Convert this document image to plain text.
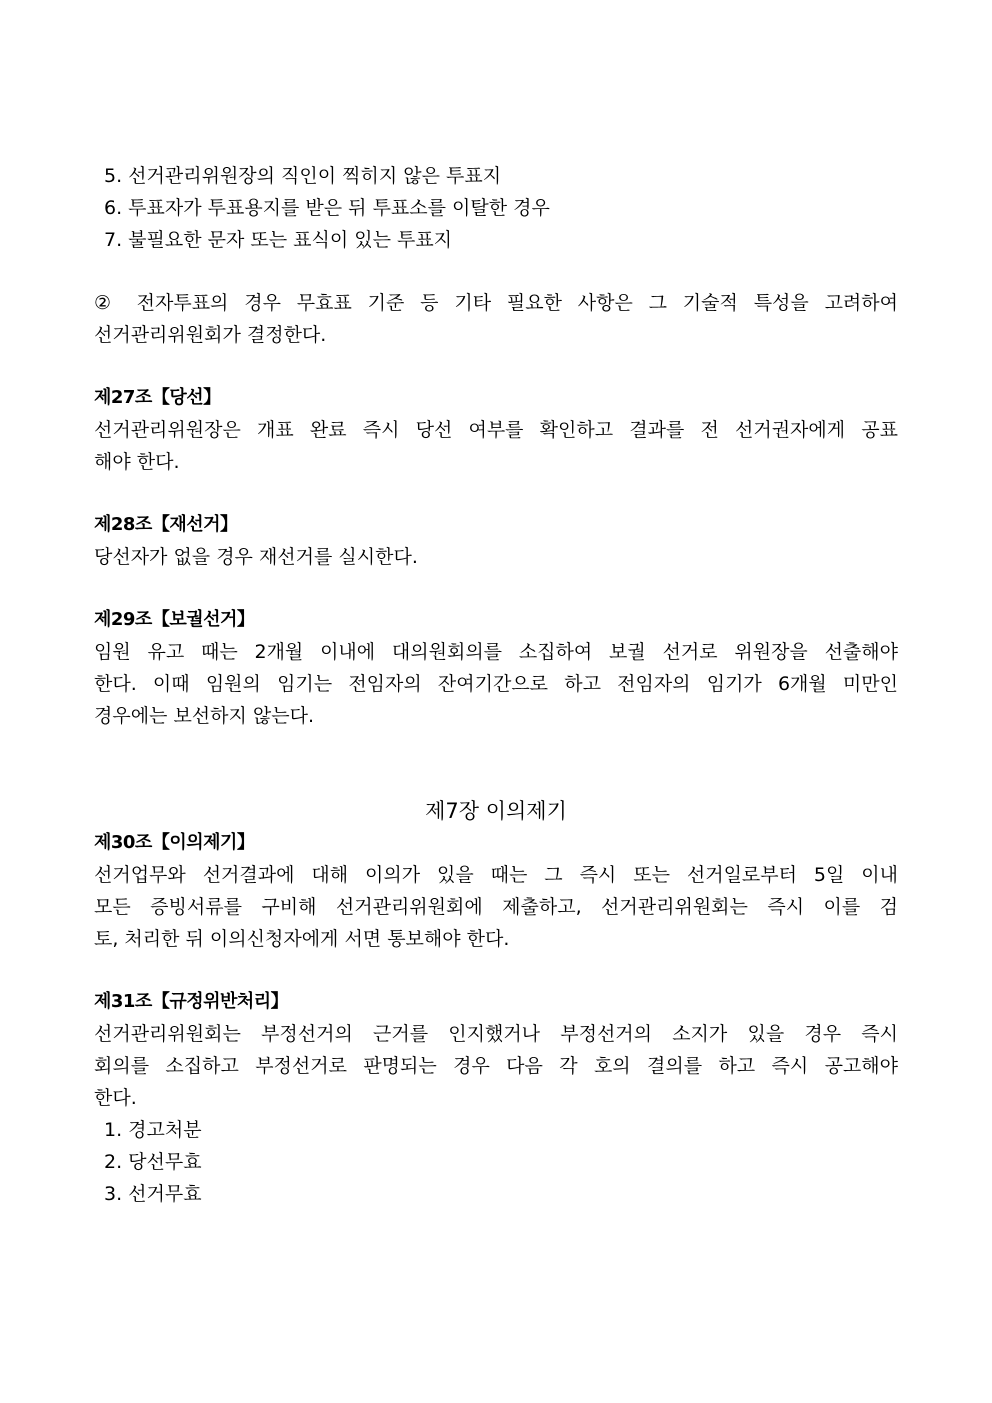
5. 선거관리위원장의 직인이 찍히지 않은 투표지
6. 투표자가 투표용지를 받은 뒤 투표소를 이탈한 경우
7. 불필요한 문자 또는 표식이 있는 투표지
② 전자투표의 경우 무효표 기준 등 기타 필요한 사항은 그 기술적 특성을 고려하여
선거관리위원회가 결정한다.
제27조【당선】
선거관리위원장은 개표 완료 즉시 당선 여부를 확인하고 결과를 전 선거권자에게 공표
해야 한다.
제28조【재선거】
당선자가 없을 경우 재선거를 실시한다.
제29조【보궐선거】
임원 유고 때는 2개월 이내에 대의원회의를 소집하여 보궐 선거로 위원장을 선출해야
한다. 이때 임원의 임기는 전임자의 잔여기간으로 하고 전임자의 임기가 6개월 미만인
경우에는 보선하지 않는다.
제7장 이의제기
제30조【이의제기】
선거업무와 선거결과에 대해 이의가 있을 때는 그 즉시 또는 선거일로부터 5일 이내
모든 증빙서류를 구비해 선거관리위원회에 제출하고, 선거관리위원회는 즉시 이를 검
토, 처리한 뒤 이의신청자에게 서면 통보해야 한다.
제31조【규정위반처리】
선거관리위원회는 부정선거의 근거를 인지했거나 부정선거의 소지가 있을 경우 즉시
회의를 소집하고 부정선거로 판명되는 경우 다음 각 호의 결의를 하고 즉시 공고해야
한다.
1. 경고처분
2. 당선무효
3. 선거무효
